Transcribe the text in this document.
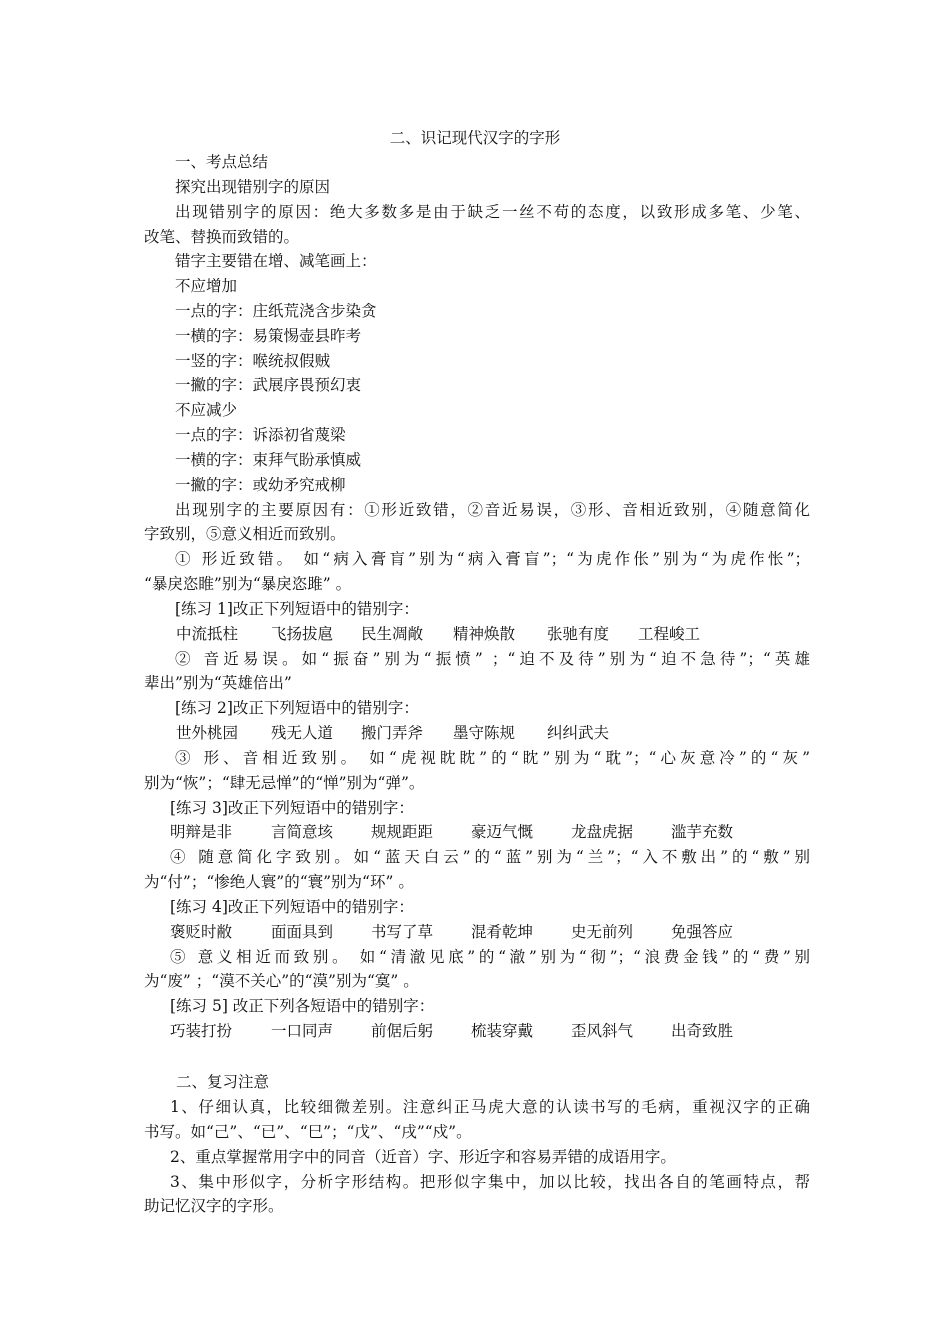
二、识记现代汉字的字形
一、考点总结
探究出现错别字的原因
出现错别字的原因：绝大多数多是由于缺乏一丝不苟的态度，以致形成多笔、少笔、
改笔、替换而致错的。
错字主要错在增、减笔画上：
不应增加
一点的字：庄纸荒浇含步染贪
一横的字：易策惕壶县昨考
一竖的字：喉统叔假贼
一撇的字：武展序畏预幻衷
不应减少
一点的字：诉添初省蔑梁
一横的字：束拜气盼承慎威
一撇的字：或幼矛究戒柳
出现别字的主要原因有：①形近致错，②音近易误，③形、音相近致别，④随意简化
字致别，⑤意义相近而致别。
① 形近致错。 如“病入膏肓”别为“病入膏盲”；“为虎作伥”别为“为虎作怅”；
“暴戾恣睢”别为“暴戾恣雎” 。
[练习 1]改正下列短语中的错别字：

中流抵柱

飞扬拔扈

民生凋敞

精神焕散

张驰有度

工程峻工

② 音近易误。如“振奋”别为“振愤” ；“迫不及待”别为“迫不急待”；“英雄
辈出”别为“英雄倍出”
[练习 2]改正下列短语中的错别字：

世外桃园

残无人道

搬门弄斧

墨守陈规

纠纠武夫

③ 形、音相近致别。 如“虎视眈眈”的“眈”别为“耽”；“心灰意冷”的“灰”
别为“恢”；“肆无忌惮”的“惮”别为“弹”。
[练习 3]改正下列短语中的错别字：

明辩是非

	言简意垓

规规距距

豪迈气慨

龙盘虎据

滥芋充数

④ 随意简化字致别。如“蓝天白云”的“蓝”别为“兰”；“入不敷出”的“敷”别
为“付”；“惨绝人寰”的“寰”别为“环” 。
[练习 4]改正下列短语中的错别字：

褒贬时敝

	面面具到

书写了草

混肴乾坤

史无前列

免强答应

⑤ 意义相近而致别。 如“清澈见底”的“澈”别为“彻”；“浪费金钱”的“费”别
为“废” ；“漠不关心”的“漠”别为“寞” 。
[练习 5] 改正下列各短语中的错别字：

巧装打扮

	一口同声

前倨后躬

梳装穿戴

歪风斜气

出奇致胜

二、复习注意
1、仔细认真，比较细微差别。注意纠正马虎大意的认读书写的毛病，重视汉字的正确
书写。如“己”、“已”、“巳”；“戊”、“戌”“戍”。
2、重点掌握常用字中的同音（近音）字、形近字和容易弄错的成语用字。
3、集中形似字，分析字形结构。把形似字集中，加以比较，找出各自的笔画特点，帮
助记忆汉字的字形。
